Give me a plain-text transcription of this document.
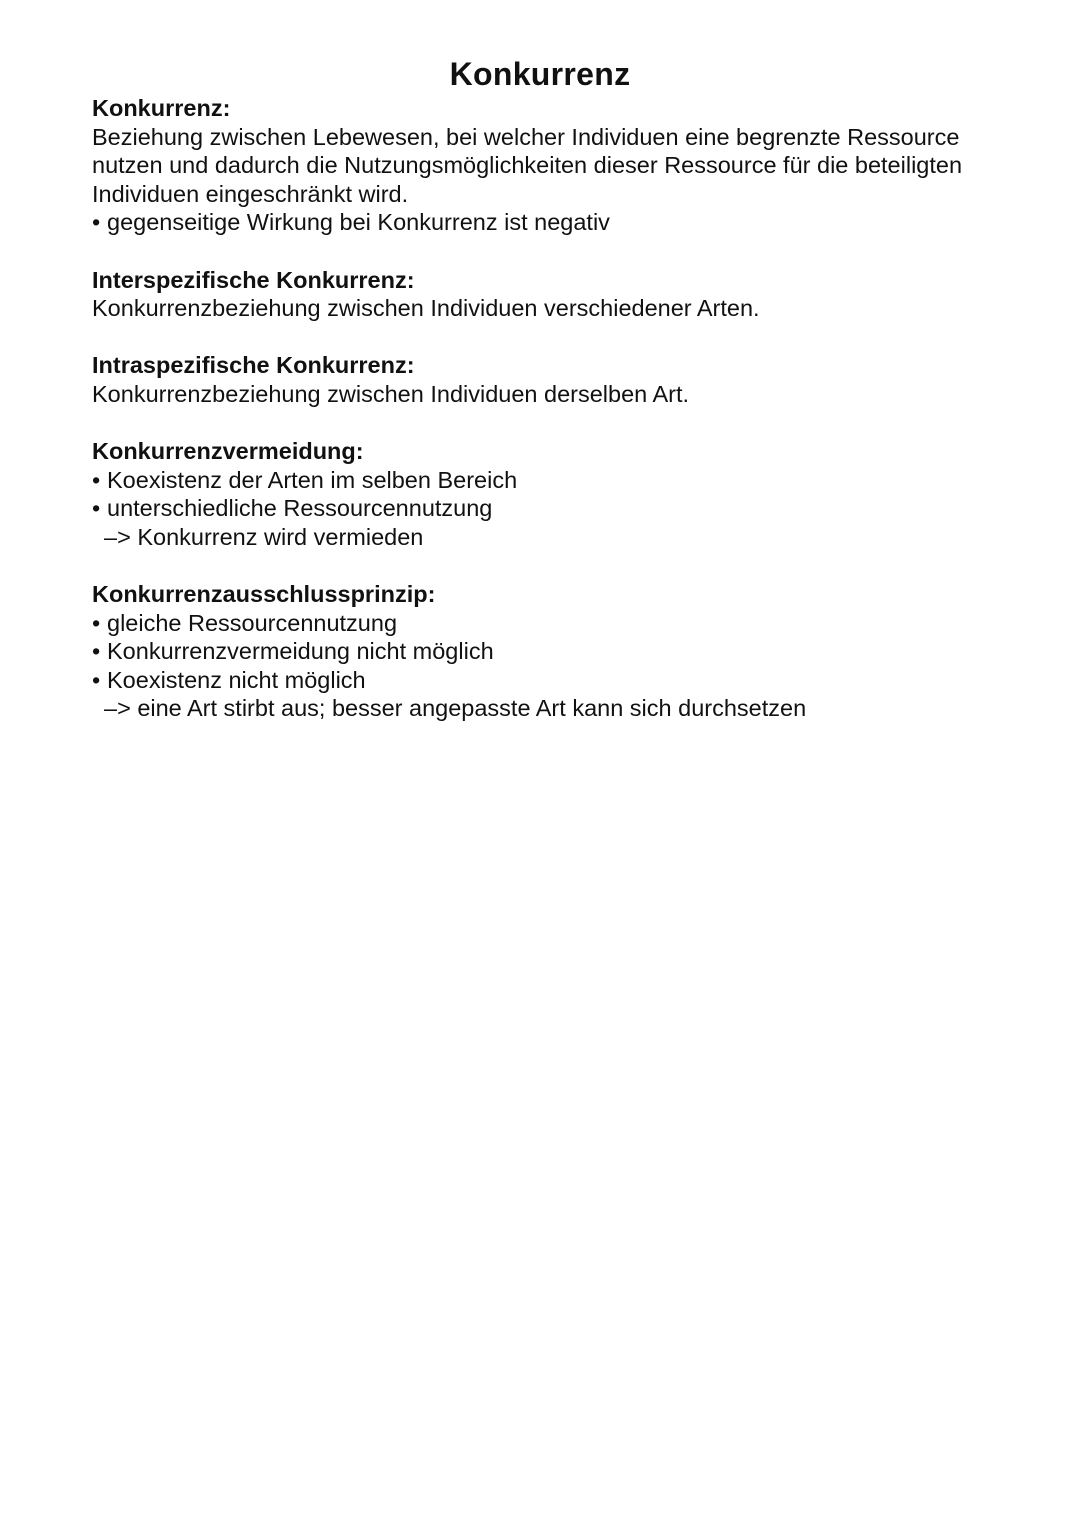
Konkurrenz
Konkurrenz:
Beziehung zwischen Lebewesen, bei welcher Individuen eine begrenzte Ressource
nutzen und dadurch die Nutzungsmöglichkeiten dieser Ressource für die beteiligten
Individuen eingeschränkt wird.
• gegenseitige Wirkung bei Konkurrenz ist negativ
Interspezifische Konkurrenz:
Konkurrenzbeziehung zwischen Individuen verschiedener Arten.
Intraspezifische Konkurrenz:
Konkurrenzbeziehung zwischen Individuen derselben Art.
Konkurrenzvermeidung:
• Koexistenz der Arten im selben Bereich
• unterschiedliche Ressourcennutzung
–> Konkurrenz wird vermieden
Konkurrenzausschlussprinzip:
• gleiche Ressourcennutzung
• Konkurrenzvermeidung nicht möglich
• Koexistenz nicht möglich
–> eine Art stirbt aus; besser angepasste Art kann sich durchsetzen
